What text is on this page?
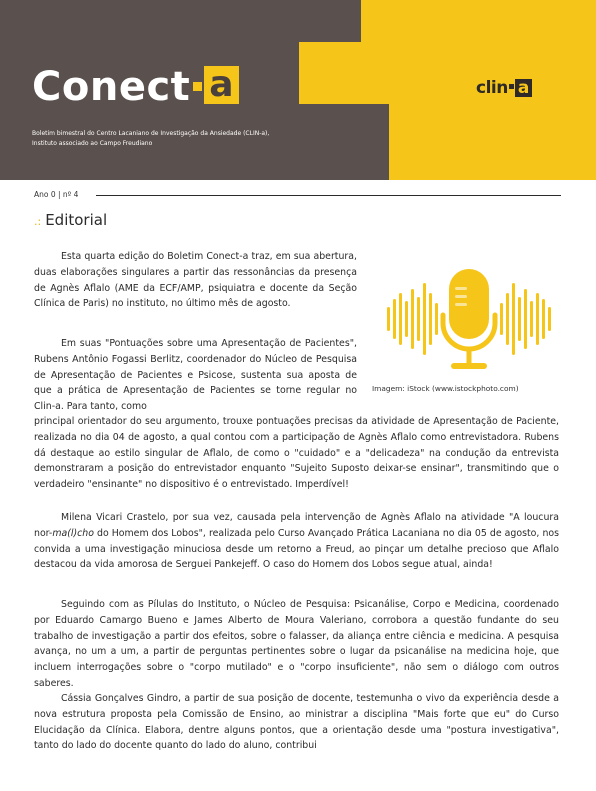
Conect a
Boletim bimestral do Centro Lacaniano de Investigação da Ansiedade (CLIN-a),
Instituto associado ao Campo Freudiano
clin a
Ano 0 | nº 4
.: Editorial

Esta quarta edição do Boletim Conect-a traz, em sua abertura, duas elaborações singulares a partir das ressonâncias da presença de Agnès Aflalo (AME da ECF/AMP, psiquiatra e docente da Seção Clínica de Paris) no instituto, no último mês de agosto.

Em suas "Pontuações sobre uma Apresentação de Pacientes", Rubens Antônio Fogassi Berlitz, coordenador do Núcleo de Pesquisa de Apresentação de Pacientes e Psicose, sustenta sua aposta de que a prática de Apresentação de Pacientes se torne regular no Clin-a. Para tanto, como

principal orientador do seu argumento, trouxe pontuações precisas da atividade de Apresentação de Paciente, realizada no dia 04 de agosto, a qual contou com a participação de Agnès Aflalo como entrevistadora. Rubens dá destaque ao estilo singular de Aflalo, de como o "cuidado" e a "delicadeza" na condução da entrevista demonstraram a posição do entrevistador enquanto "Sujeito Suposto deixar-se ensinar", transmitindo que o verdadeiro "ensinante" no dispositivo é o entrevistado. Imperdível!

Milena Vicari Crastelo, por sua vez, causada pela intervenção de Agnès Aflalo na atividade "A loucura nor-ma(l)cho do Homem dos Lobos", realizada pelo Curso Avançado Prática Lacaniana no dia 05 de agosto, nos convida a uma investigação minuciosa desde um retorno a Freud, ao pinçar um detalhe precioso que Aflalo destacou da vida amorosa de Serguei Pankejeff. O caso do Homem dos Lobos segue atual, ainda!

Seguindo com as Pílulas do Instituto, o Núcleo de Pesquisa: Psicanálise, Corpo e Medicina, coordenado por Eduardo Camargo Bueno e James Alberto de Moura Valeriano, corrobora a questão fundante do seu trabalho de investigação a partir dos efeitos, sobre o falasser, da aliança entre ciência e medicina. A pesquisa avança, no um a um, a partir de perguntas pertinentes sobre o lugar da psicanálise na medicina hoje, que incluem interrogações sobre o "corpo mutilado" e o "corpo insuficiente", não sem o diálogo com outros saberes.

Cássia Gonçalves Gindro, a partir de sua posição de docente, testemunha o vivo da experiência desde a nova estrutura proposta pela Comissão de Ensino, ao ministrar a disciplina "Mais forte que eu" do Curso Elucidação da Clínica. Elabora, dentre alguns pontos, que a orientação desde uma "postura investigativa", tanto do lado do docente quanto do lado do aluno, contribui

Imagem: iStock (www.istockphoto.com)
